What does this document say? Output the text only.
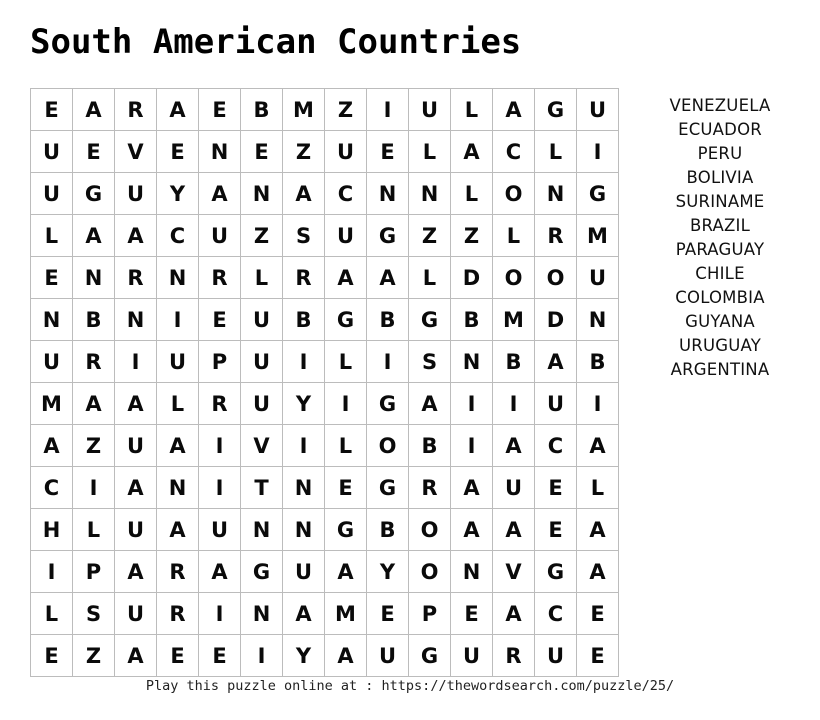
South American Countries
E	A	R	A	E	B	M	Z	I	U	L	A	G	U
U	E	V	E	N	E	Z	U	E	L	A	C	L	I
U	G	U	Y	A	N	A	C	N	N	L	O	N	G
L	A	A	C	U	Z	S	U	G	Z	Z	L	R	M
E	N	R	N	R	L	R	A	A	L	D	O	O	U
N	B	N	I	E	U	B	G	B	G	B	M	D	N
U	R	I	U	P	U	I	L	I	S	N	B	A	B
M	A	A	L	R	U	Y	I	G	A	I	I	U	I
A	Z	U	A	I	V	I	L	O	B	I	A	C	A
C	I	A	N	I	T	N	E	G	R	A	U	E	L
H	L	U	A	U	N	N	G	B	O	A	A	E	A
I	P	A	R	A	G	U	A	Y	O	N	V	G	A
L	S	U	R	I	N	A	M	E	P	E	A	C	E
E	Z	A	E	E	I	Y	A	U	G	U	R	U	E
VENEZUELA
ECUADOR
PERU
BOLIVIA
SURINAME
BRAZIL
PARAGUAY
CHILE
COLOMBIA
GUYANA
URUGUAY
ARGENTINA
Play this puzzle online at : https://thewordsearch.com/puzzle/25/
